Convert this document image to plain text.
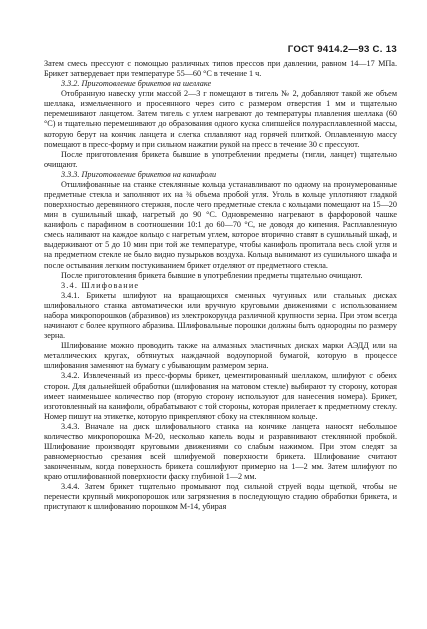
ГОСТ 9414.2—93 С. 13

Затем смесь прессуют с помощью различных типов прессов при давлении, равном 14—17 МПа. Брикет затвердевает при температуре 55—60 °С в течение 1 ч.

3.3.2. Приготовление брикетов на шеллаке

Отобранную навеску угли массой 2—3 г помещают в тигель № 2, добавляют такой же объем шеллака, измельченного и просеянного через сито с размером отверстия 1 мм и тщательно перемешивают ланцетом. Затем тигель с углем нагревают до температуры плавления шеллака (60 °С) и тщательно перемешивают до образования одного куска слипшейся полурасплавленной массы, которую берут на кончик ланцета и слегка сплавляют над горячей плиткой. Оплавленную массу помещают в пресс-форму и при сильном нажатии рукой на пресс в течение 30 с прессуют.

После приготовления брикета бывшие в употреблении предметы (тигли, ланцет) тщательно очищают.

3.3.3. Приготовление брикетов на канифоли

Отшлифованные на станке стеклянные кольца устанавливают по одному на пронумерованные предметные стекла и заполняют их на ¾ объема пробой угля. Уголь в кольце уплотняют гладкой поверхностью деревянного стержня, после чего предметные стекла с кольцами помещают на 15—20 мин в сушильный шкаф, нагретый до 90 °С. Одновременно нагревают в фарфоровой чашке канифоль с парафином в соотношении 10:1 до 60—70 °С, не доводя до кипения. Расплавленную смесь наливают на каждое кольцо с нагретым углем, которое вторично ставят в сушильный шкаф, и выдерживают от 5 до 10 мин при той же температуре, чтобы канифоль пропитала весь слой угля и на предметном стекле не было видно пузырьков воздуха. Кольца вынимают из сушильного шкафа и после остывания легким постукиванием брикет отделяют от предметного стекла.

После приготовления брикета бывшие в употреблении предметы тщательно очищают.

3.4. Шлифование

3.4.1. Брикеты шлифуют на вращающихся сменных чугунных или стальных дисках шлифовального станка автоматически или вручную круговыми движениями с использованием набора микропорошков (абразивов) из электрокорунда различной крупности зерна. При этом всегда начинают с более крупного абразива. Шлифовальные порошки должны быть однородны по размеру зерна.

Шлифование можно проводить также на алмазных эластичных дисках марки АЭДД или на металлических кругах, обтянутых наждачной водоупорной бумагой, которую в процессе шлифования заменяют на бумагу с убывающим размером зерна.

3.4.2. Извлеченный из пресс-формы брикет, цементированный шеллаком, шлифуют с обеих сторон. Для дальнейшей обработки (шлифования на матовом стекле) выбирают ту сторону, которая имеет наименьшее количество пор (вторую сторону используют для нанесения номера). Брикет, изготовленный на канифоли, обрабатывают с той стороны, которая прилегает к предметному стеклу. Номер пишут на этикетке, которую прикрепляют сбоку на стеклянном кольце.

3.4.3. Вначале на диск шлифовального станка на кончике ланцета наносят небольшое количество микропорошка М-20, несколько капель воды и разравнивают стеклянной пробкой. Шлифование производят круговыми движениями со слабым нажимом. При этом следят за равномерностью срезания всей шлифуемой поверхности брикета. Шлифование считают законченным, когда поверхность брикета сошлифуют примерно на 1—2 мм. Затем шлифуют по краю отшлифованной поверхности фаску глубиной 1—2 мм.

3.4.4. Затем брикет тщательно промывают под сильной струей воды щеткой, чтобы не перенести крупный микропорошок или загрязнения в последующую стадию обработки брикета, и приступают к шлифованию порошком М-14, убирая
